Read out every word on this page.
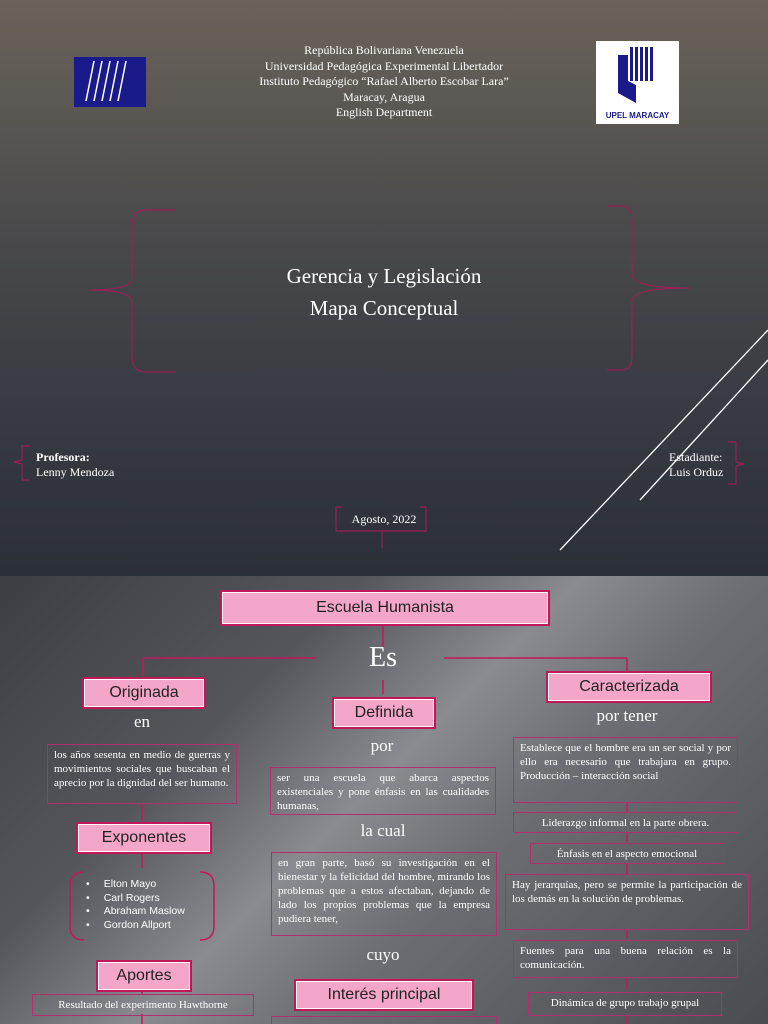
República Bolivariana Venezuela
Universidad Pedagógica Experimental Libertador
Instituto Pedagógico “Rafael Alberto Escobar Lara”
Maracay, Aragua
English Department	UPEL MARACAY
Gerencia y Legislación
Mapa Conceptual
Profesora:
Lenny Mendoza
Estadiante:
Luis Orduz
Agosto, 2022
Escuela Humanista
Es
Originada
en
los años sesenta en medio de guerras y movimientos sociales que buscaban el aprecio por la dignidad del ser humano.
Exponentes
• Elton Mayo
• Carl Rogers
• Abraham Maslow
• Gordon Allport
Aportes
Resultado del experimento Hawthorne
Definida
por
ser una escuela que abarca aspectos existenciales y pone énfasis en las cualidades humanas,
la cual
en gran parte, basó su investigación en el bienestar y la felicidad del hombre, mirando los problemas que a estos afectaban, dejando de lado los propios problemas que la empresa pudiera tener,
cuyo
Interés principal
Caracterizada
por tener
Establece que el hombre era un ser social y por ello era necesario que trabajara en grupo. Producción – interacción social
Liderazgo informal en la parte obrera.
Énfasis en el aspecto emocional
Hay jerarquías, pero se permite la participación de los demás en la solución de problemas.
Fuentes para una buena relación es la comunicación.
Dinámica de grupo trabajo grupal
